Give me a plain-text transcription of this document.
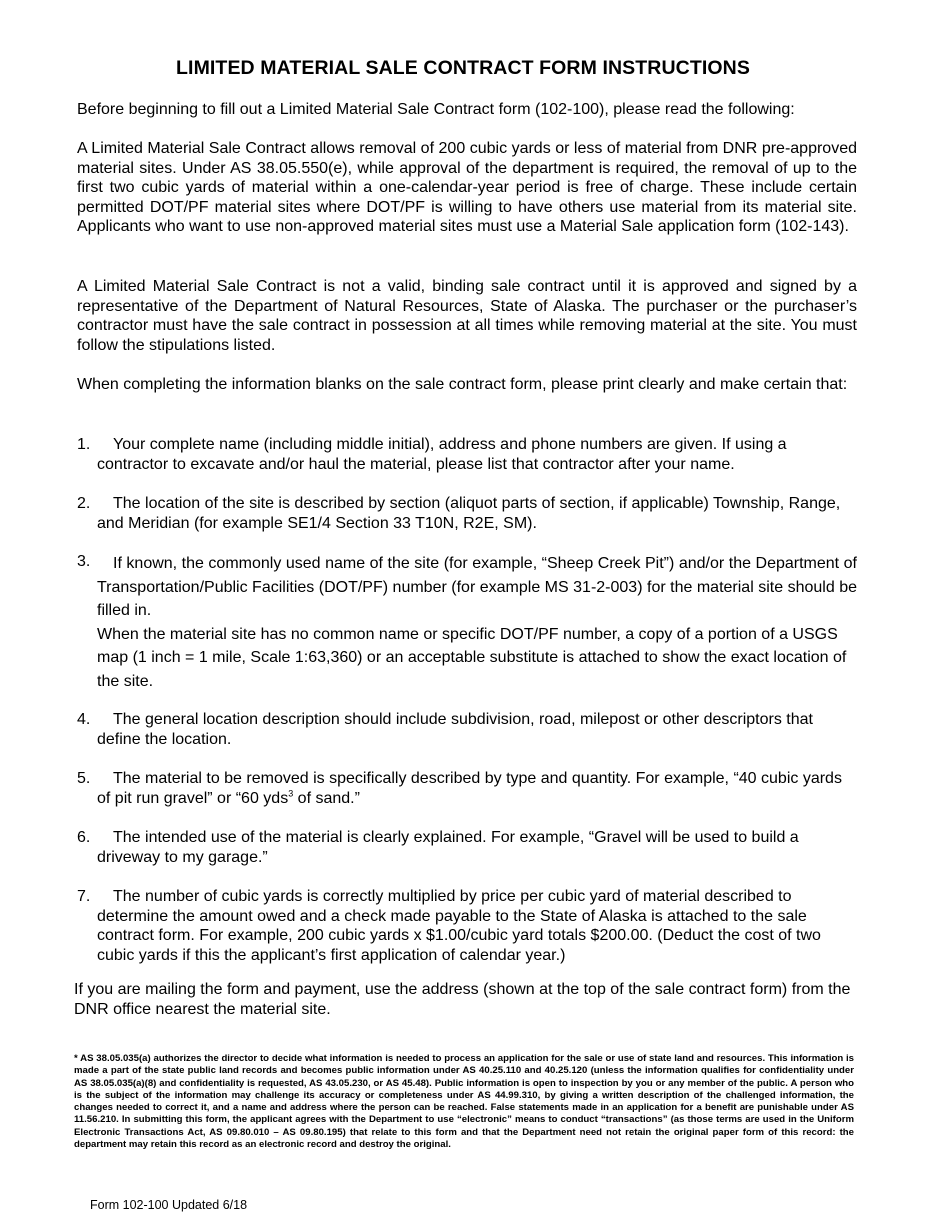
LIMITED MATERIAL SALE CONTRACT FORM INSTRUCTIONS

Before beginning to fill out a Limited Material Sale Contract form (102-100), please read the following:

A Limited Material Sale Contract allows removal of 200 cubic yards or less of material from DNR pre-approved material sites. Under AS 38.05.550(e), while approval of the department is required, the removal of up to the first two cubic yards of material within a one-calendar-year period is free of charge. These include certain permitted DOT/PF material sites where DOT/PF is willing to have others use material from its material site. Applicants who want to use non-approved material sites must use a Material Sale application form (102-143).

A Limited Material Sale Contract is not a valid, binding sale contract until it is approved and signed by a representative of the Department of Natural Resources, State of Alaska. The purchaser or the purchaser’s contractor must have the sale contract in possession at all times while removing material at the site. You must follow the stipulations listed.

When completing the information blanks on the sale contract form, please print clearly and make certain that:

1.	Your complete name (including middle initial), address and phone numbers are given. If using a contractor to excavate and/or haul the material, please list that contractor after your name.

2.	The location of the site is described by section (aliquot parts of section, if applicable) Township, Range, and Meridian (for example SE1/4 Section 33 T10N, R2E, SM).

3.	If known, the commonly used name of the site (for example, “Sheep Creek Pit”) and/or the Department of Transportation/Public Facilities (DOT/PF) number (for example MS 31-2-003) for the material site should be filled in.

When the material site has no common name or specific DOT/PF number, a copy of a portion of a USGS map (1 inch = 1 mile, Scale 1:63,360) or an acceptable substitute is attached to show the exact location of the site.

4.	The general location description should include subdivision, road, milepost or other descriptors that define the location.

5.	The material to be removed is specifically described by type and quantity. For example, “40 cubic yards of pit run gravel” or “60 yds$^3$ of sand.”

6.	The intended use of the material is clearly explained. For example, “Gravel will be used to build a driveway to my garage.”

7.	The number of cubic yards is correctly multiplied by price per cubic yard of material described to determine the amount owed and a check made payable to the State of Alaska is attached to the sale contract form. For example, 200 cubic yards x $1.00/cubic yard totals $200.00. (Deduct the cost of two cubic yards if this the applicant’s first application of calendar year.)

If you are mailing the form and payment, use the address (shown at the top of the sale contract form) from the DNR office nearest the material site.

* AS 38.05.035(a) authorizes the director to decide what information is needed to process an application for the sale or use of state land and resources. This information is made a part of the state public land records and becomes public information under AS 40.25.110 and 40.25.120 (unless the information qualifies for confidentiality under AS 38.05.035(a)(8) and confidentiality is requested, AS 43.05.230, or AS 45.48). Public information is open to inspection by you or any member of the public. A person who is the subject of the information may challenge its accuracy or completeness under AS 44.99.310, by giving a written description of the challenged information, the changes needed to correct it, and a name and address where the person can be reached. False statements made in an application for a benefit are punishable under AS 11.56.210. In submitting this form, the applicant agrees with the Department to use “electronic” means to conduct “transactions” (as those terms are used in the Uniform Electronic Transactions Act, AS 09.80.010 – AS 09.80.195) that relate to this form and that the Department need not retain the original paper form of this record: the department may retain this record as an electronic record and destroy the original.

Form 102-100 Updated 6/18
